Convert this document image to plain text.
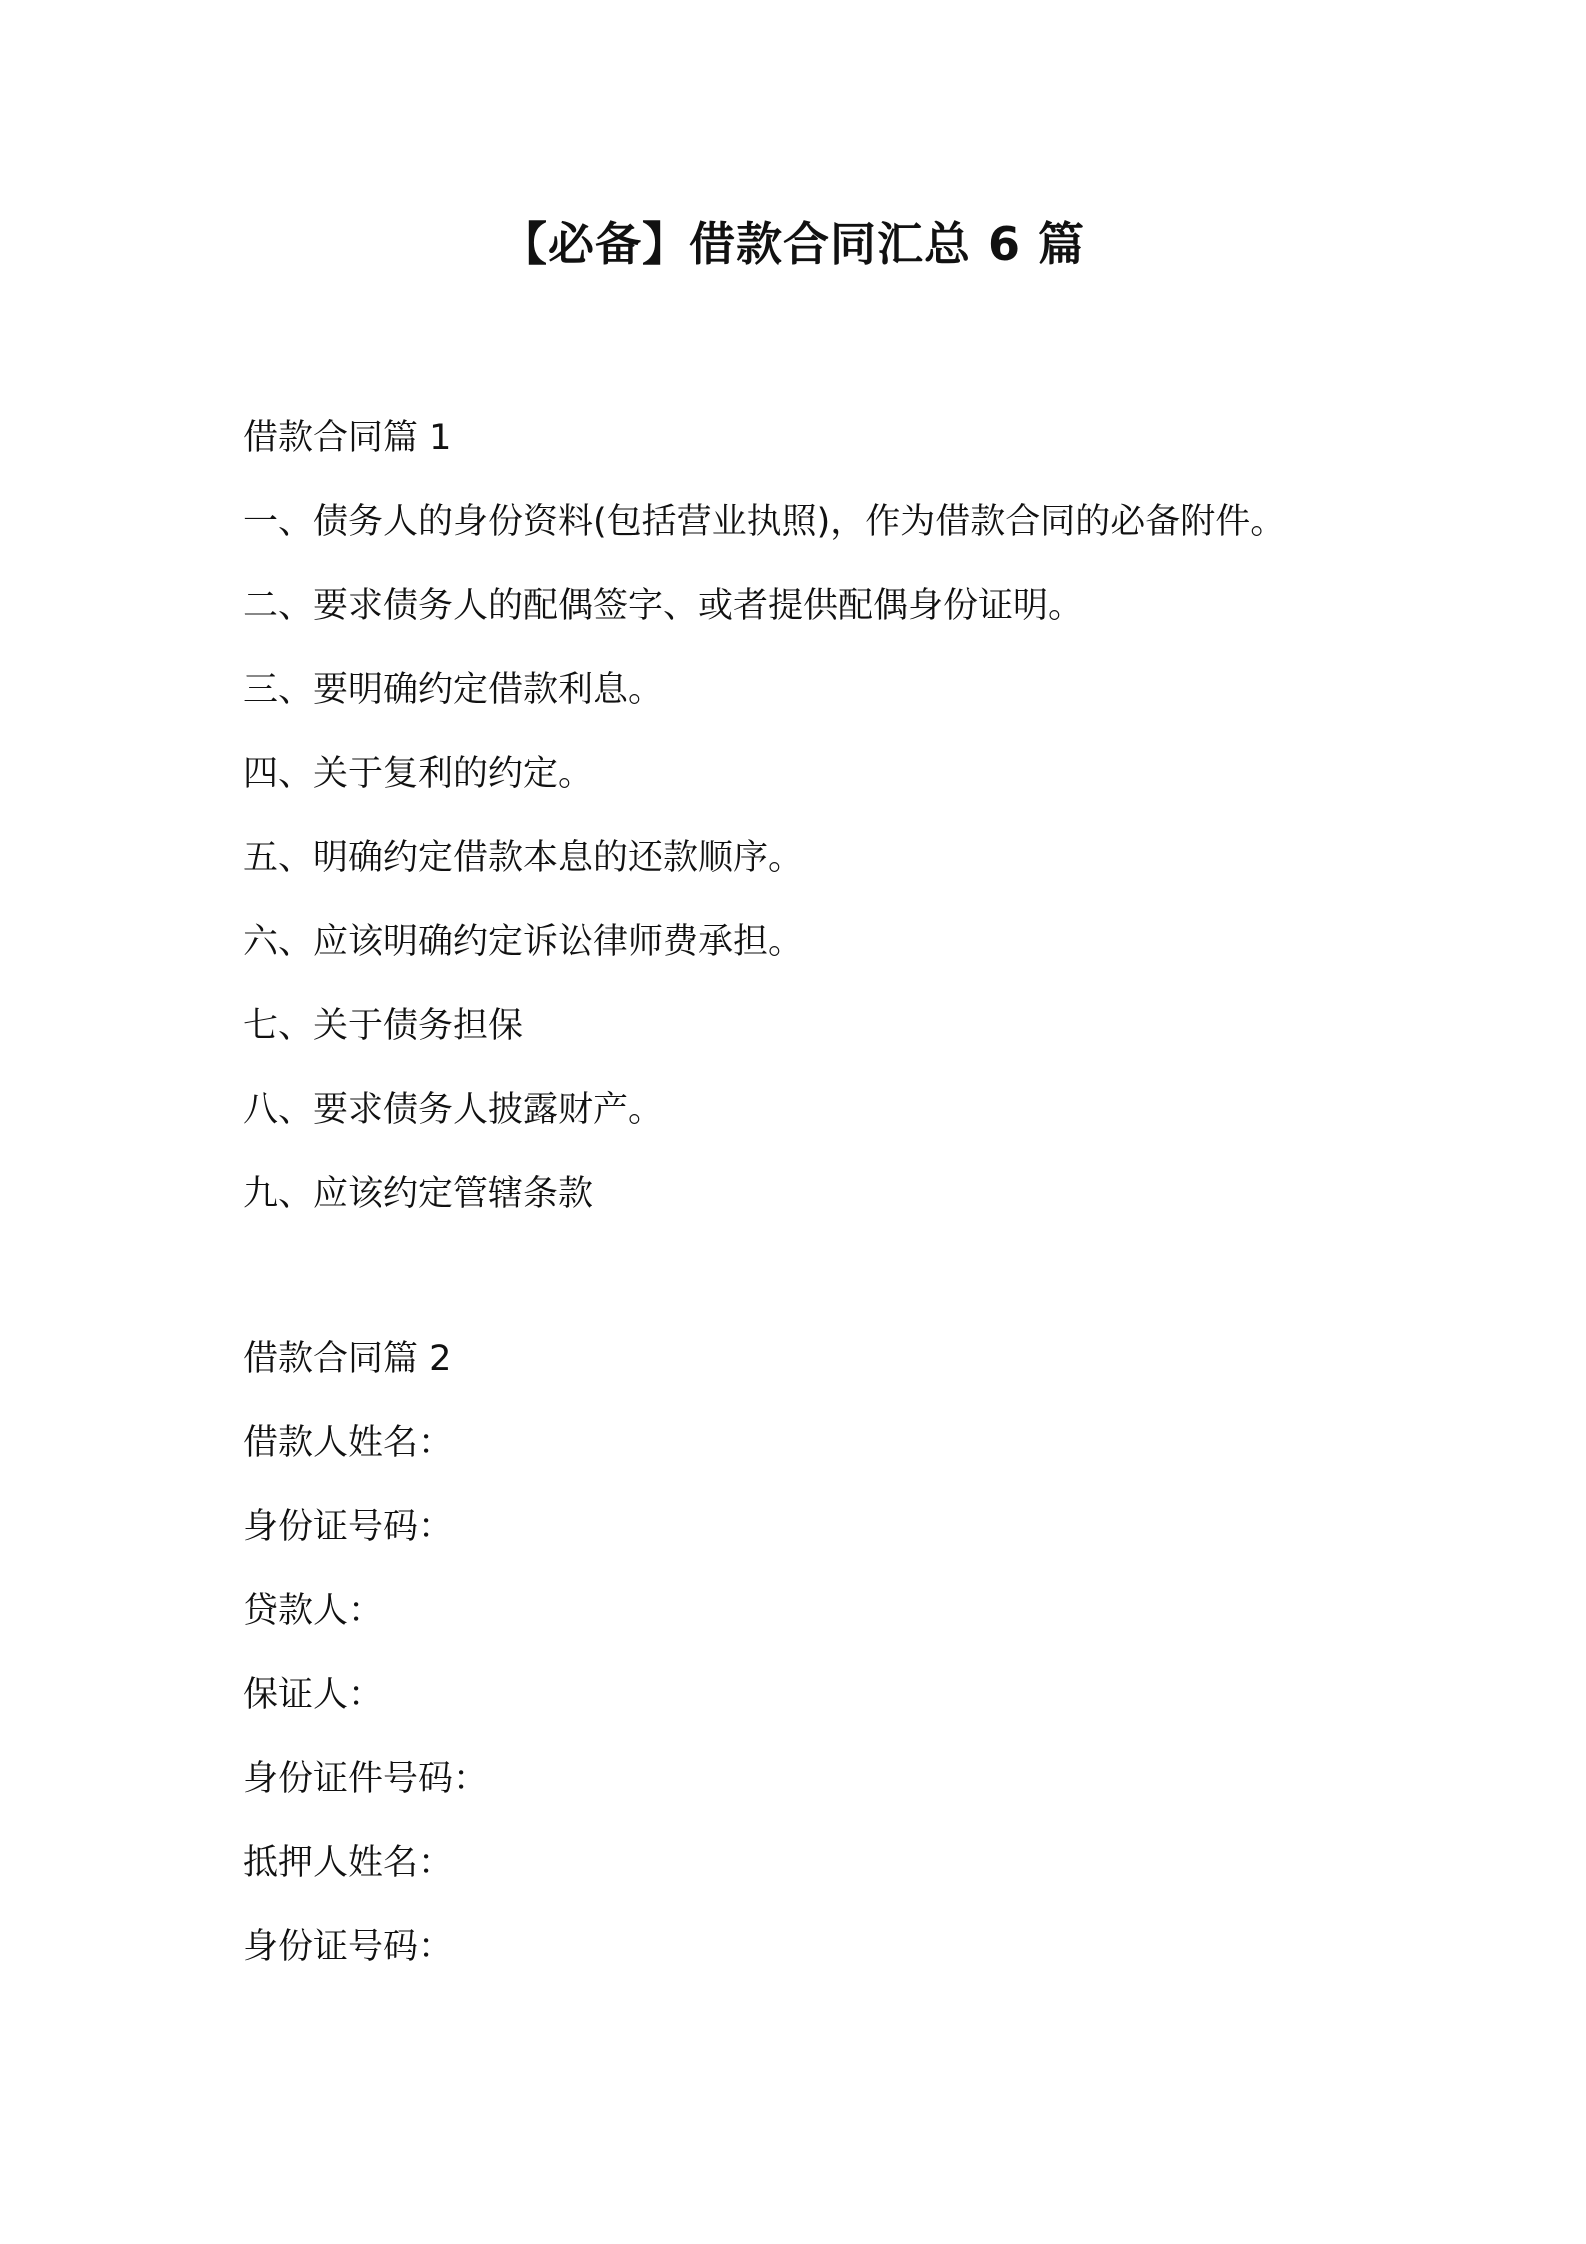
【必备】借款合同汇总 6 篇
借款合同篇 1
一、债务人的身份资料(包括营业执照)，作为借款合同的必备附件。
二、要求债务人的配偶签字、或者提供配偶身份证明。
三、要明确约定借款利息。
四、关于复利的约定。
五、明确约定借款本息的还款顺序。
六、应该明确约定诉讼律师费承担。
七、关于债务担保
八、要求债务人披露财产。
九、应该约定管辖条款
借款合同篇 2
借款人姓名：
身份证号码：
贷款人：
保证人：
身份证件号码：
抵押人姓名：
身份证号码：
